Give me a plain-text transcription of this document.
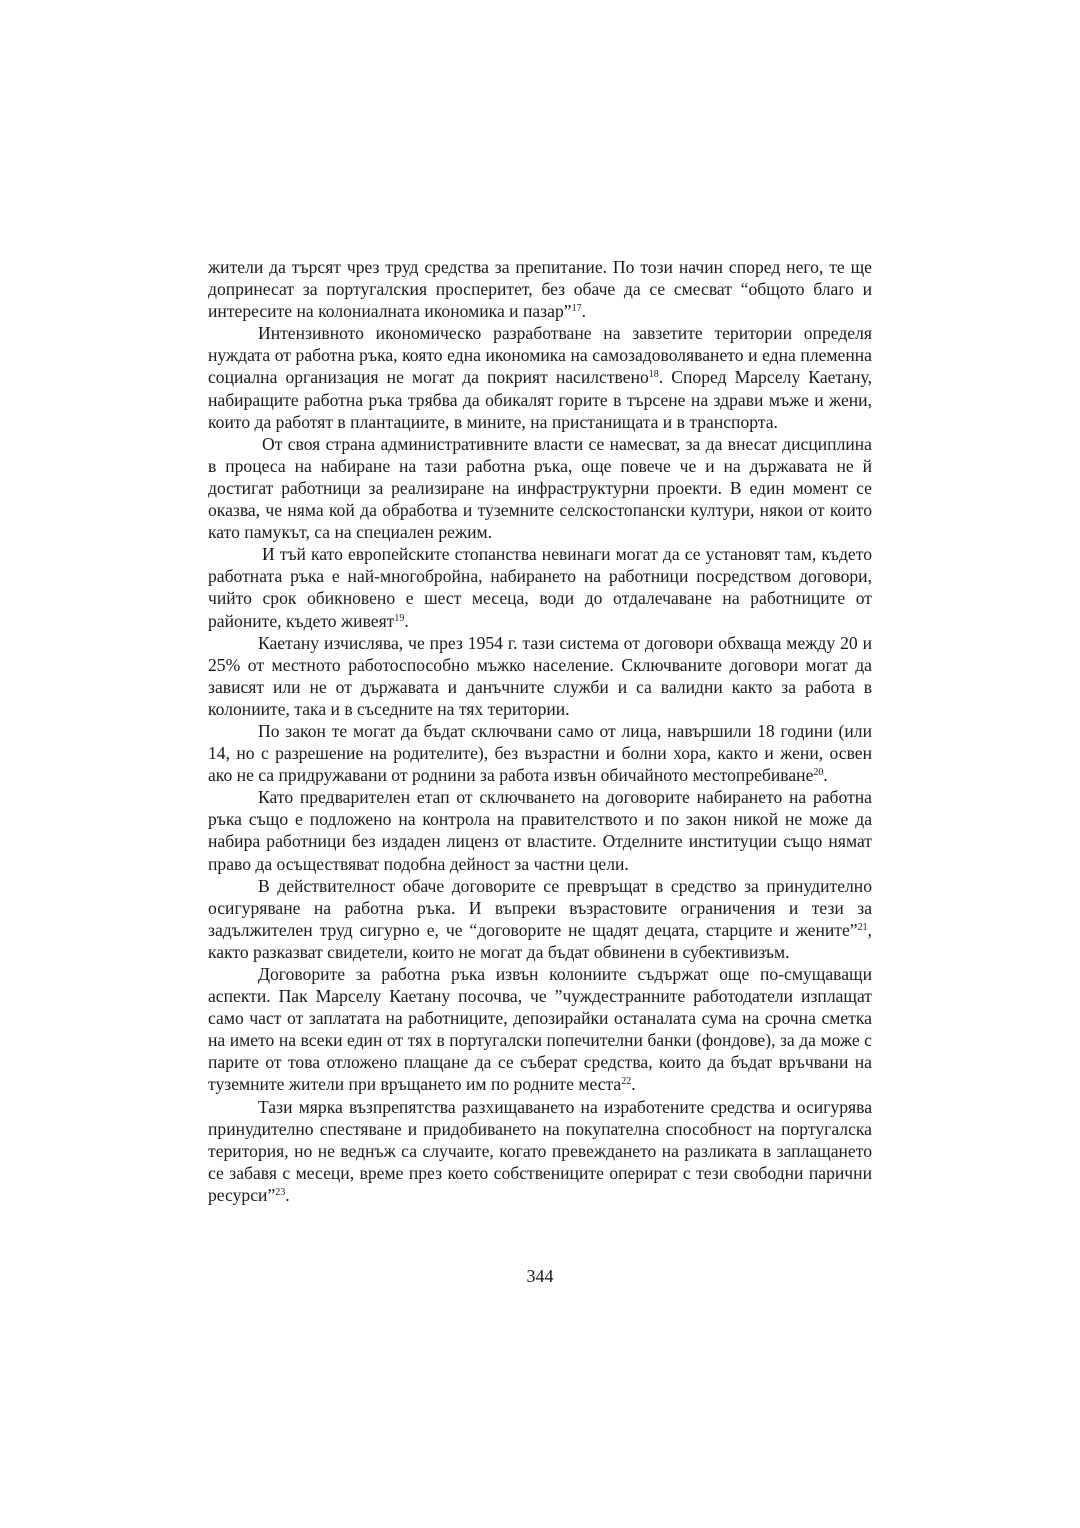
жители да търсят чрез труд средства за препитание. По този начин според него, те ще допринесат за португалския просперитет, без обаче да се смесват “общото благо и интересите на колониалната икономика и пазар”$^{17}$.

Интензивното икономическо разработване на завзетите територии определя нуждата от работна ръка, която една икономика на самозадоволяването и една племенна социална организация не могат да покрият насилствено$^{18}$. Според Марселу Каетану, набиращите работна ръка трябва да обикалят горите в търсене на здрави мъже и жени, които да работят в плантациите, в мините, на пристанищата и в транспорта.

От своя страна административните власти се намесват, за да внесат дисциплина в процеса на набиране на тази работна ръка, още повече че и на държавата не й достигат работници за реализиране на инфраструктурни проекти. В един момент се оказва, че няма кой да обработва и туземните селскостопански култури, някои от които като памукът, са на специален режим.

И тъй като европейските стопанства невинаги могат да се установят там, където работната ръка е най-многобройна, набирането на работници посредством договори, чийто срок обикновено е шест месеца, води до отдалечаване на работниците от районите, където живеят$^{19}$.

Каетану изчислява, че през 1954 г. тази система от договори обхваща между 20 и 25% от местното работоспособно мъжко население. Сключваните договори могат да зависят или не от държавата и данъчните служби и са валидни както за работа в колониите, така и в съседните на тях територии.

По закон те могат да бъдат сключвани само от лица, навършили 18 години (или 14, но с разрешение на родителите), без възрастни и болни хора, както и жени, освен ако не са придружавани от роднини за работа извън обичайното местопребиване$^{20}$.

Като предварителен етап от сключването на договорите набирането на работна ръка също е подложено на контрола на правителството и по закон никой не може да набира работници без издаден лиценз от властите. Отделните институции също нямат право да осъществяват подобна дейност за частни цели.

В действителност обаче договорите се превръщат в средство за принудително осигуряване на работна ръка. И въпреки възрастовите ограничения и тези за задължителен труд сигурно е, че “договорите не щадят децата, старците и жените”$^{21}$, както разказват свидетели, които не могат да бъдат обвинени в субективизъм.

Договорите за работна ръка извън колониите съдържат още по-смущаващи аспекти. Пак Марселу Каетану посочва, че ”чуждестранните работодатели изплащат само част от заплатата на работниците, депозирайки останалата сума на срочна сметка на името на всеки един от тях в португалски попечителни банки (фондове), за да може с парите от това отложено плащане да се съберат средства, които да бъдат връчвани на туземните жители при връщането им по родните места$^{22}$.

Тази мярка възпрепятства разхищаването на изработените средства и осигурява принудително спестяване и придобиването на покупателна способност на португалска територия, но не веднъж са случаите, когато превеждането на разликата в заплащането се забавя с месеци, време през което собствениците оперират с тези свободни парични ресурси”$^{23}$.

344
